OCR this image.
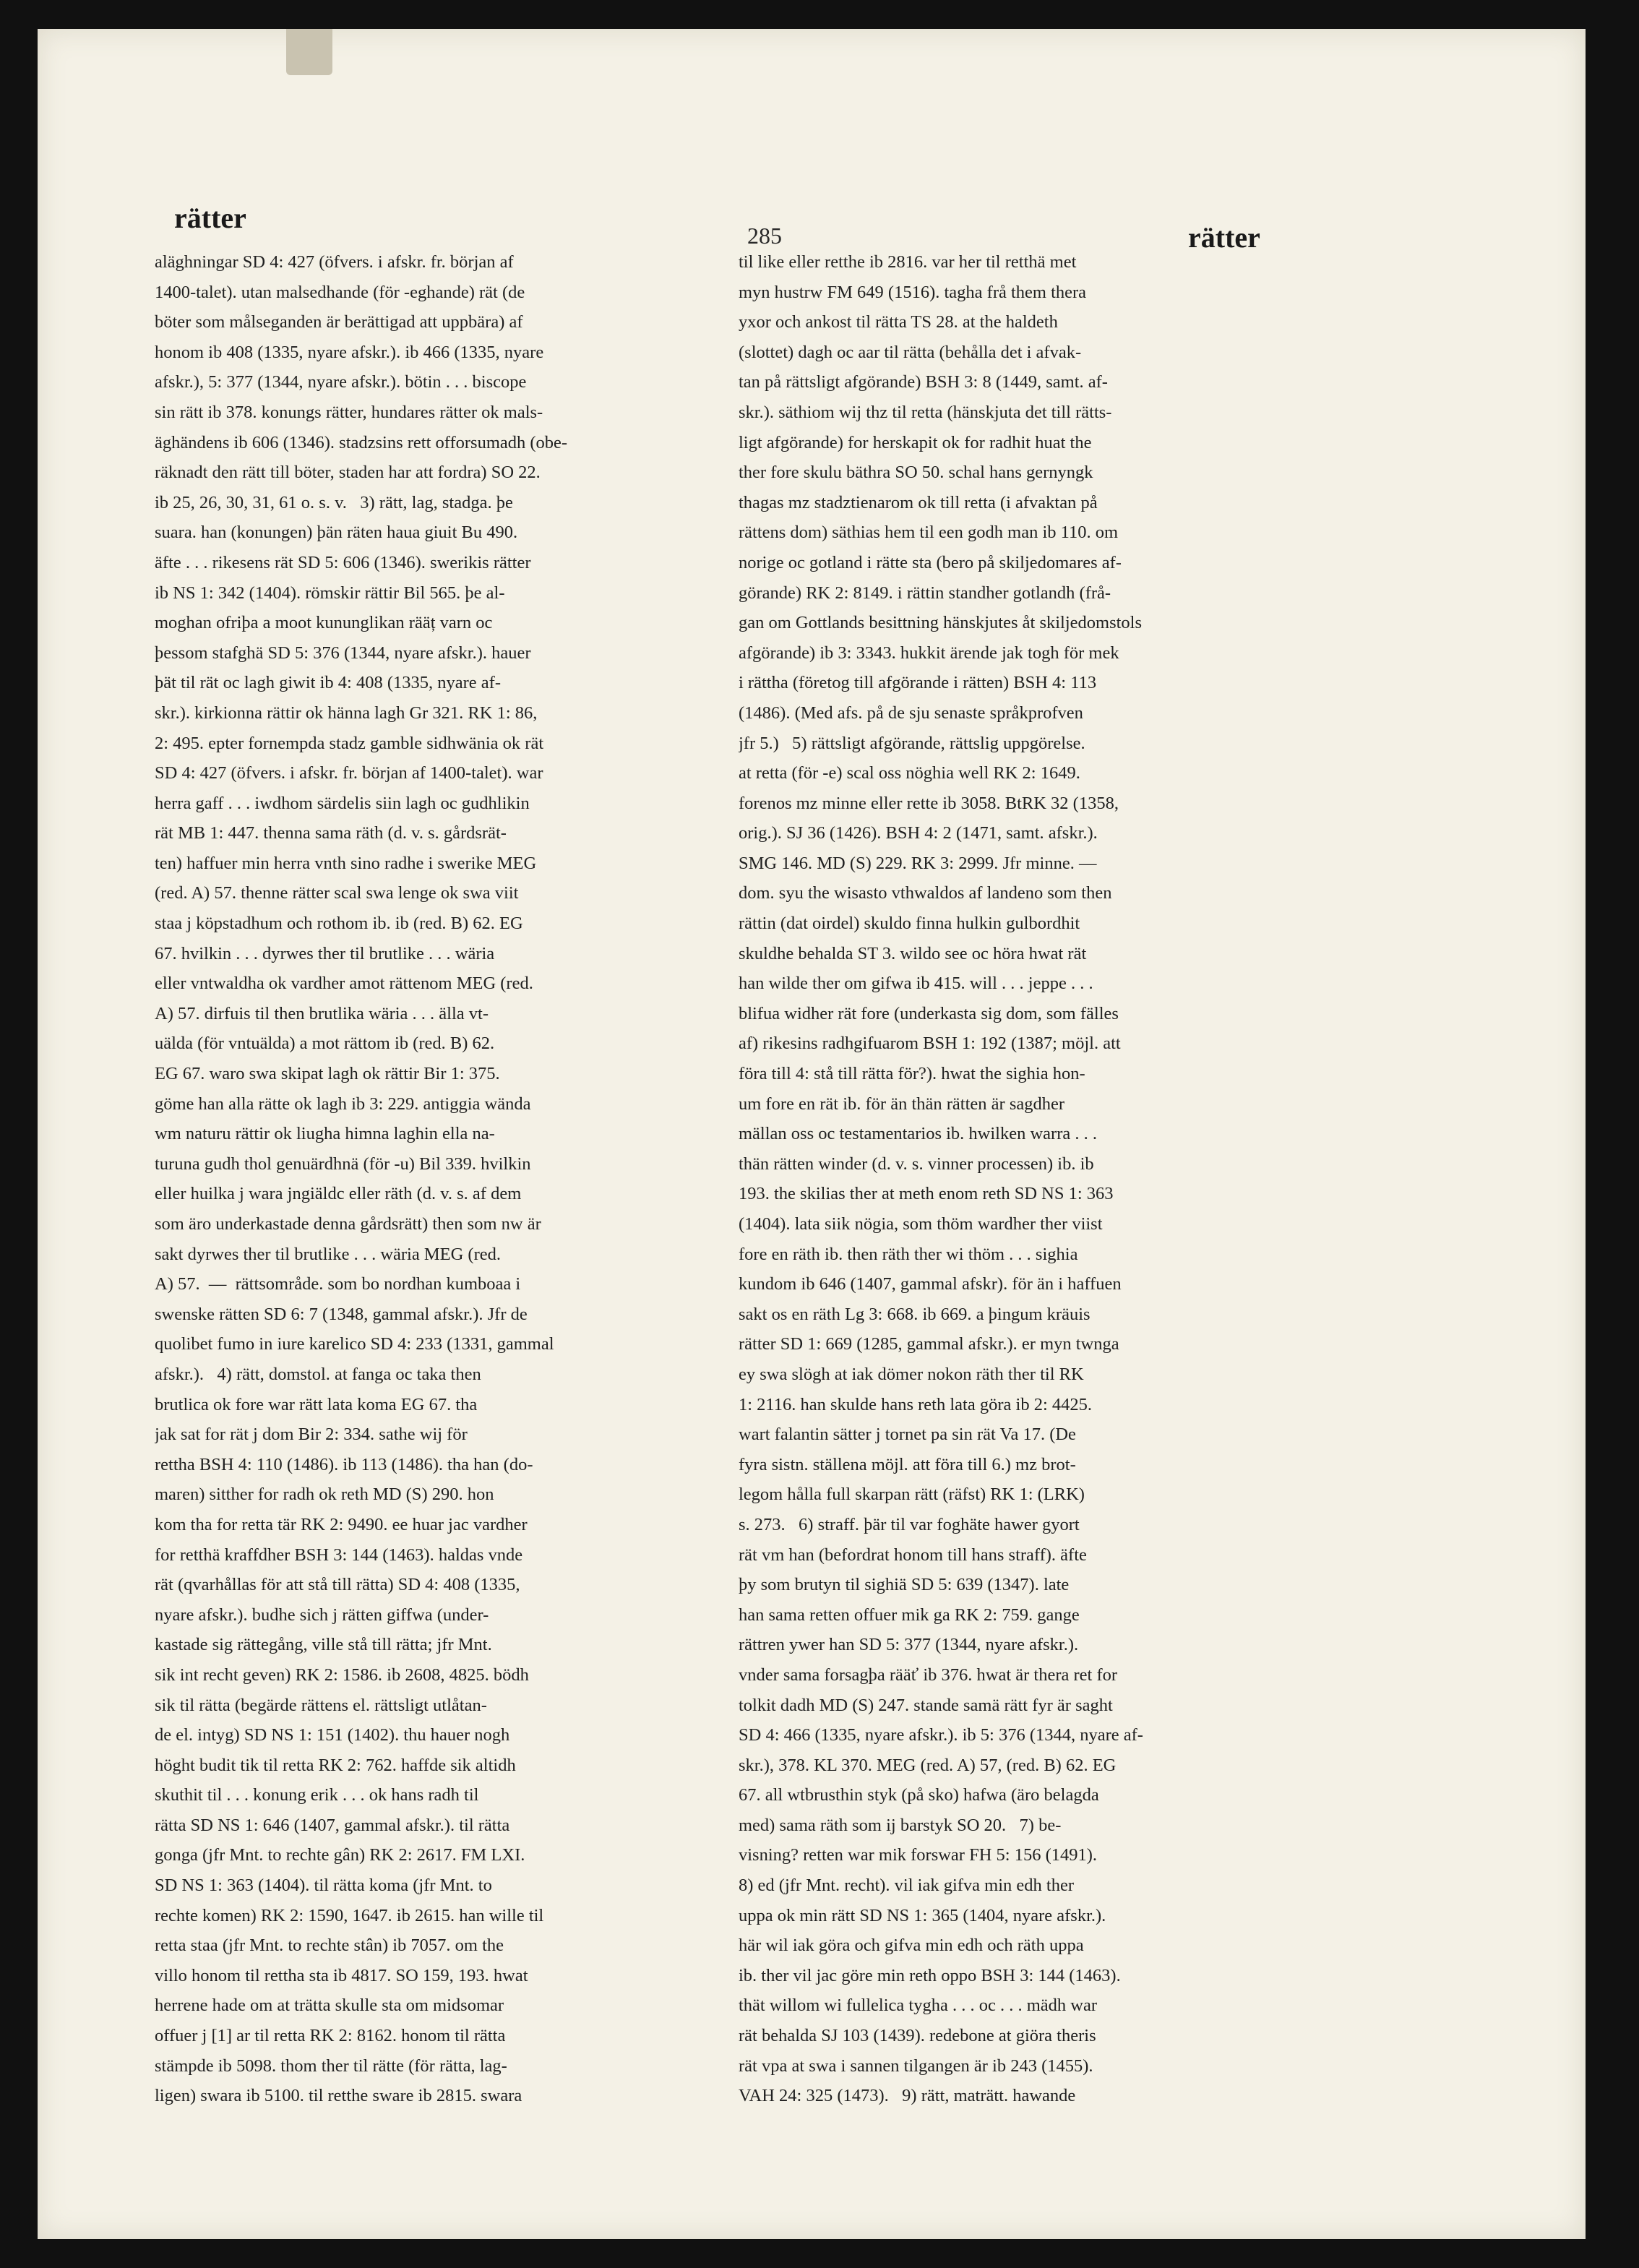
rätter
285	rätter
aläghningar SD 4: 427 (öfvers. i afskr. fr. början af
1400-talet). utan malsedhande (för -eghande) rät (de
böter som målseganden är berättigad att uppbära) af
honom ib 408 (1335, nyare afskr.). ib 466 (1335, nyare
afskr.), 5: 377 (1344, nyare afskr.). bötin . . . biscope
sin rätt ib 378. konungs rätter, hundares rätter ok mals-
äghändens ib 606 (1346). stadzsins rett offorsumadh (obe-
räknadt den rätt till böter, staden har att fordra) SO 22.
ib 25, 26, 30, 31, 61 o. s. v.   3) rätt, lag, stadga. þe
suara. han (konungen) þän räten haua giuit Bu 490.
äfte . . . rikesens rät SD 5: 606 (1346). swerikis rätter
ib NS 1: 342 (1404). römskir rättir Bil 565. þe al-
moghan ofriþa a moot kununglikan rääț varn oc
þessom stafghä SD 5: 376 (1344, nyare afskr.). hauer
þät til rät oc lagh giwit ib 4: 408 (1335, nyare af-
skr.). kirkionna rättir ok hänna lagh Gr 321. RK 1: 86,
2: 495. epter fornempda stadz gamble sidhwänia ok rät
SD 4: 427 (öfvers. i afskr. fr. början af 1400-talet). war
herra gaff . . . iwdhom särdelis siin lagh oc gudhlikin
rät MB 1: 447. thenna sama räth (d. v. s. gårdsrät-
ten) haffuer min herra vnth sino radhe i swerike MEG
(red. A) 57. thenne rätter scal swa lenge ok swa viit
staa j köpstadhum och rothom ib. ib (red. B) 62. EG
67. hvilkin . . . dyrwes ther til brutlike . . . wäria
eller vntwaldha ok vardher amot rättenom MEG (red.
A) 57. dirfuis til then brutlika wäria . . . älla vt-
uälda (för vntuälda) a mot rättom ib (red. B) 62.
EG 67. waro swa skipat lagh ok rättir Bir 1: 375.
göme han alla rätte ok lagh ib 3: 229. antiggia wända
wm naturu rättir ok liugha himna laghin ella na-
turuna gudh thol genuärdhnä (för -u) Bil 339. hvilkin
eller huilka j wara jngiäldc eller räth (d. v. s. af dem
som äro underkastade denna gårdsrätt) then som nw är
sakt dyrwes ther til brutlike . . . wäria MEG (red.
A) 57.  —  rättsområde. som bo nordhan kumboaa i
swenske rätten SD 6: 7 (1348, gammal afskr.). Jfr de
quolibet fumo in iure karelico SD 4: 233 (1331, gammal
afskr.).   4) rätt, domstol. at fanga oc taka then
brutlica ok fore war rätt lata koma EG 67. tha
jak sat for rät j dom Bir 2: 334. sathe wij för
rettha BSH 4: 110 (1486). ib 113 (1486). tha han (do-
maren) sitther for radh ok reth MD (S) 290. hon
kom tha for retta tär RK 2: 9490. ee huar jac vardher
for retthä kraffdher BSH 3: 144 (1463). haldas vnde
rät (qvarhållas för att stå till rätta) SD 4: 408 (1335,
nyare afskr.). budhe sich j rätten giffwa (under-
kastade sig rättegång, ville stå till rätta; jfr Mnt.
sik int recht geven) RK 2: 1586. ib 2608, 4825. bödh
sik til rätta (begärde rättens el. rättsligt utlåtan-
de el. intyg) SD NS 1: 151 (1402). thu hauer nogh
höght budit tik til retta RK 2: 762. haffde sik altidh
skuthit til . . . konung erik . . . ok hans radh til
rätta SD NS 1: 646 (1407, gammal afskr.). til rätta
gonga (jfr Mnt. to rechte gân) RK 2: 2617. FM LXI.
SD NS 1: 363 (1404). til rätta koma (jfr Mnt. to
rechte komen) RK 2: 1590, 1647. ib 2615. han wille til
retta staa (jfr Mnt. to rechte stân) ib 7057. om the
villo honom til rettha sta ib 4817. SO 159, 193. hwat
herrene hade om at trätta skulle sta om midsomar
offuer j [1] ar til retta RK 2: 8162. honom til rätta
stämpde ib 5098. thom ther til rätte (för rätta, lag-
ligen) swara ib 5100. til retthe sware ib 2815. swara
til like eller retthe ib 2816. var her til retthä met
myn hustrw FM 649 (1516). tagha frå them thera
yxor och ankost til rätta TS 28. at the haldeth
(slottet) dagh oc aar til rätta (behålla det i afvak-
tan på rättsligt afgörande) BSH 3: 8 (1449, samt. af-
skr.). säthiom wij thz til retta (hänskjuta det till rätts-
ligt afgörande) for herskapit ok for radhit huat the
ther fore skulu bäthra SO 50. schal hans gernyngk
thagas mz stadztienarom ok till retta (i afvaktan på
rättens dom) säthias hem til een godh man ib 110. om
norige oc gotland i rätte sta (bero på skiljedomares af-
görande) RK 2: 8149. i rättin standher gotlandh (frå-
gan om Gottlands besittning hänskjutes åt skiljedomstols
afgörande) ib 3: 3343. hukkit ärende jak togh för mek
i rättha (företog till afgörande i rätten) BSH 4: 113
(1486). (Med afs. på de sju senaste språkprofven
jfr 5.)   5) rättsligt afgörande, rättslig uppgörelse.
at retta (för -e) scal oss nöghia well RK 2: 1649.
forenos mz minne eller rette ib 3058. BtRK 32 (1358,
orig.). SJ 36 (1426). BSH 4: 2 (1471, samt. afskr.).
SMG 146. MD (S) 229. RK 3: 2999. Jfr minne. —
dom. syu the wisasto vthwaldos af landeno som then
rättin (dat oirdel) skuldo finna hulkin gulbordhit
skuldhe behalda ST 3. wildo see oc höra hwat rät
han wilde ther om gifwa ib 415. will . . . jeppe . . .
blifua widher rät fore (underkasta sig dom, som fälles
af) rikesins radhgifuarom BSH 1: 192 (1387; möjl. att
föra till 4: stå till rätta för?). hwat the sighia hon-
um fore en rät ib. för än thän rätten är sagdher
mällan oss oc testamentarios ib. hwilken warra . . .
thän rätten winder (d. v. s. vinner processen) ib. ib
193. the skilias ther at meth enom reth SD NS 1: 363
(1404). lata siik nögia, som thöm wardher ther viist
fore en räth ib. then räth ther wi thöm . . . sighia
kundom ib 646 (1407, gammal afskr). för än i haffuen
sakt os en räth Lg 3: 668. ib 669. a þingum kräuis
rätter SD 1: 669 (1285, gammal afskr.). er myn twnga
ey swa slögh at iak dömer nokon räth ther til RK
1: 2116. han skulde hans reth lata göra ib 2: 4425.
wart falantin sätter j tornet pa sin rät Va 17. (De
fyra sistn. ställena möjl. att föra till 6.) mz brot-
legom hålla full skarpan rätt (räfst) RK 1: (LRK)
s. 273.   6) straff. þär til var foghäte hawer gyort
rät vm han (befordrat honom till hans straff). äfte
þy som brutyn til sighiä SD 5: 639 (1347). late
han sama retten offuer mik ga RK 2: 759. gange
rättren ywer han SD 5: 377 (1344, nyare afskr.).
vnder sama forsagþa rääť ib 376. hwat är thera ret for
tolkit dadh MD (S) 247. stande samä rätt fyr är saght
SD 4: 466 (1335, nyare afskr.). ib 5: 376 (1344, nyare af-
skr.), 378. KL 370. MEG (red. A) 57, (red. B) 62. EG
67. all wtbrusthin styk (på sko) hafwa (äro belagda
med) sama räth som ij barstyk SO 20.   7) be-
visning? retten war mik forswar FH 5: 156 (1491).
8) ed (jfr Mnt. recht). vil iak gifva min edh ther
uppa ok min rätt SD NS 1: 365 (1404, nyare afskr.).
här wil iak göra och gifva min edh och räth uppa
ib. ther vil jac göre min reth oppo BSH 3: 144 (1463).
thät willom wi fullelica tygha . . . oc . . . mädh war
rät behalda SJ 103 (1439). redebone at giöra theris
rät vpa at swa i sannen tilgangen är ib 243 (1455).
VAH 24: 325 (1473).   9) rätt, maträtt. hawande
